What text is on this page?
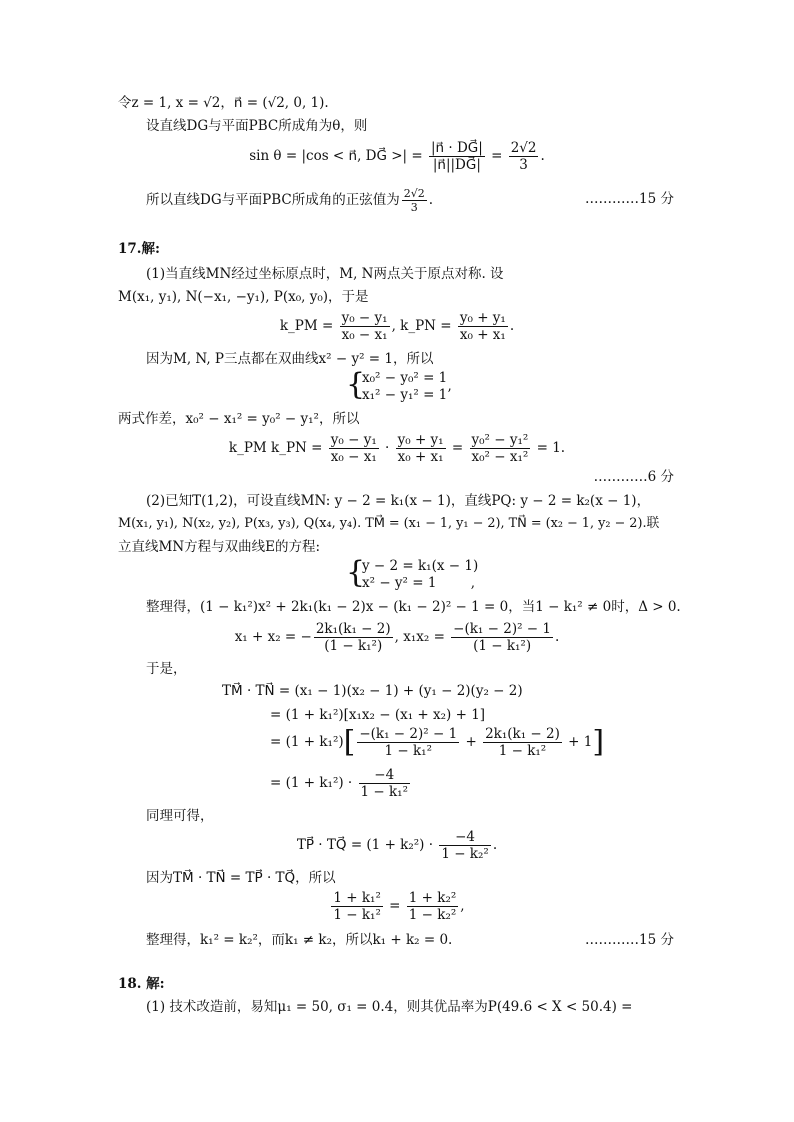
令z = 1, x = √2，n⃗ = (√2, 0, 1).
设直线DG与平面PBC所成角为θ，则
sin θ = |cos < n⃗, DG⃗ >| = $\frac{|n⃗ \cdot DG⃗|}{|n⃗||DG⃗|} = \frac{2√2}{3}$ .
所以直线DG与平面PBC所成角的正弦值为 $\frac{2√2}{3}$ .	…………15 分
17.解:
(1)当直线MN经过坐标原点时，M, N两点关于原点对称. 设
M(x₁, y₁), N(−x₁, −y₁), P(x₀, y₀)，于是
k_PM = $\frac{\text{y₀ − y₁}}{\text{x₀ − x₁}}$ , k_PN = $\frac{\text{y₀ + y₁}}{\text{x₀ + x₁}}$ .
因为M, N, P三点都在双曲线x² − y² = 1，所以
{
x₀² − y₀² = 1
x₁² − y₁² = 1’
两式作差，x₀² − x₁² = y₀² − y₁²，所以
k_PM k_PN = $\frac{\text{y₀ − y₁}}{\text{x₀ − x₁}} \cdot \frac{\text{y₀ + y₁}}{\text{x₀ + x₁}} = \frac{\text{y₀² − y₁²}}{\text{x₀² − x₁²}} = 1$.
…………6 分
(2)已知T(1,2)，可设直线MN: y − 2 = k₁(x − 1)，直线PQ: y − 2 = k₂(x − 1)，
M(x₁, y₁), N(x₂, y₂), P(x₃, y₃), Q(x₄, y₄). TM⃗ = (x₁ − 1, y₁ − 2), TN⃗ = (x₂ − 1, y₂ − 2).联
立直线MN方程与双曲线E的方程:
{
y − 2 = k₁(x − 1)
x² − y² = 1	,
整理得，(1 − k₁²)x² + 2k₁(k₁ − 2)x − (k₁ − 2)² − 1 = 0，当1 − k₁² ≠ 0时，Δ > 0.
x₁ + x₂ = − $\frac{\text{2k₁(k₁ − 2)}}{\text{(1 − k₁²)}}$ , $x_1x_2 = \frac{\text{−(k₁ − 2)² − 1}}{\text{(1 − k₁²)}}$ .
于是，
TM⃗ · TN⃗ = (x₁ − 1)(x₂ − 1) + (y₁ − 2)(y₂ − 2)
= (1 + k₁²)[x₁x₂ − (x₁ + x₂) + 1]
= $(1 + k_1^2)[ \frac{\text{−(k₁ − 2)² − 1}}{\text{1 − k₁²}} + \frac{\text{2k₁(k₁ − 2)}}{\text{1 − k₁²}} + 1]$
= $(1 + k_1^2) \cdot \frac{-4}{\text{1 − k₁²}}$
同理可得，
TP⃗ · TQ⃗ = $(1 + k_2^2) \cdot \frac{-4}{\text{1 − k₂²}}$ .
因为TM⃗ · TN⃗ = TP⃗ · TQ⃗，所以
$\frac{\text{1 + k₁²}}{\text{1 − k₁²}} = \frac{\text{1 + k₂²}}{\text{1 − k₂²}}$ ,
整理得，k₁² = k₂²，而k₁ ≠ k₂，所以k₁ + k₂ = 0.	…………15 分
18. 解:
(1) 技术改造前，易知μ₁ = 50, σ₁ = 0.4，则其优品率为P(49.6 < X < 50.4) =
